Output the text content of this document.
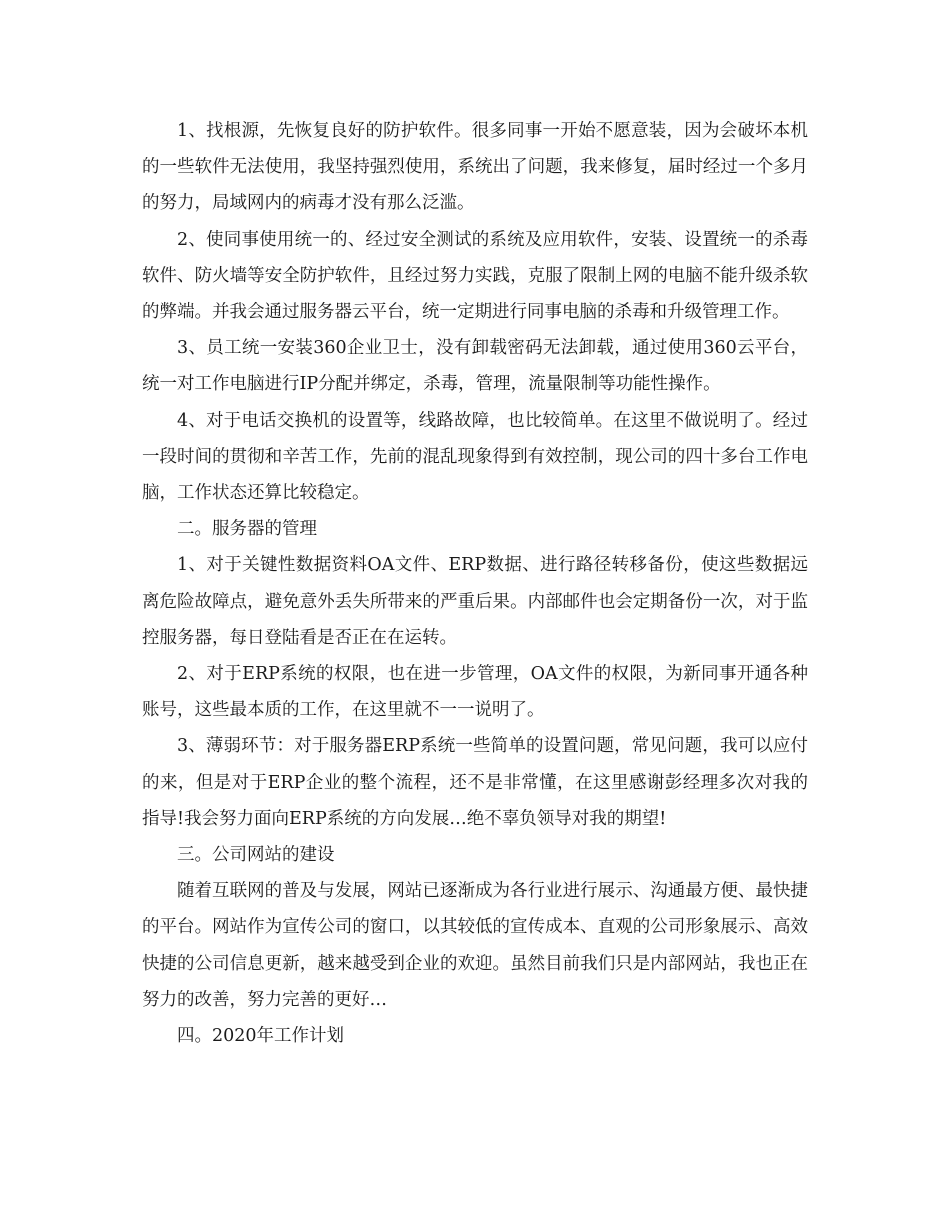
1、找根源，先恢复良好的防护软件。很多同事一开始不愿意装，因为会破坏本机的一些软件无法使用，我坚持强烈使用，系统出了问题，我来修复，届时经过一个多月的努力，局域网内的病毒才没有那么泛滥。

2、使同事使用统一的、经过安全测试的系统及应用软件，安装、设置统一的杀毒软件、防火墙等安全防护软件，且经过努力实践，克服了限制上网的电脑不能升级杀软的弊端。并我会通过服务器云平台，统一定期进行同事电脑的杀毒和升级管理工作。

3、员工统一安装360企业卫士，没有卸载密码无法卸载，通过使用360云平台，统一对工作电脑进行IP分配并绑定，杀毒，管理，流量限制等功能性操作。

4、对于电话交换机的设置等，线路故障，也比较简单。在这里不做说明了。经过一段时间的贯彻和辛苦工作，先前的混乱现象得到有效控制，现公司的四十多台工作电脑，工作状态还算比较稳定。

二。服务器的管理

1、对于关键性数据资料OA文件、ERP数据、进行路径转移备份，使这些数据远离危险故障点，避免意外丢失所带来的严重后果。内部邮件也会定期备份一次，对于监控服务器，每日登陆看是否正在在运转。

2、对于ERP系统的权限，也在进一步管理，OA文件的权限，为新同事开通各种账号，这些最本质的工作，在这里就不一一说明了。

3、薄弱环节：对于服务器ERP系统一些简单的设置问题，常见问题，我可以应付的来，但是对于ERP企业的整个流程，还不是非常懂，在这里感谢彭经理多次对我的指导!我会努力面向ERP系统的方向发展…绝不辜负领导对我的期望!

三。公司网站的建设

随着互联网的普及与发展，网站已逐渐成为各行业进行展示、沟通最方便、最快捷的平台。网站作为宣传公司的窗口，以其较低的宣传成本、直观的公司形象展示、高效快捷的公司信息更新，越来越受到企业的欢迎。虽然目前我们只是内部网站，我也正在努力的改善，努力完善的更好…

四。2020年工作计划
